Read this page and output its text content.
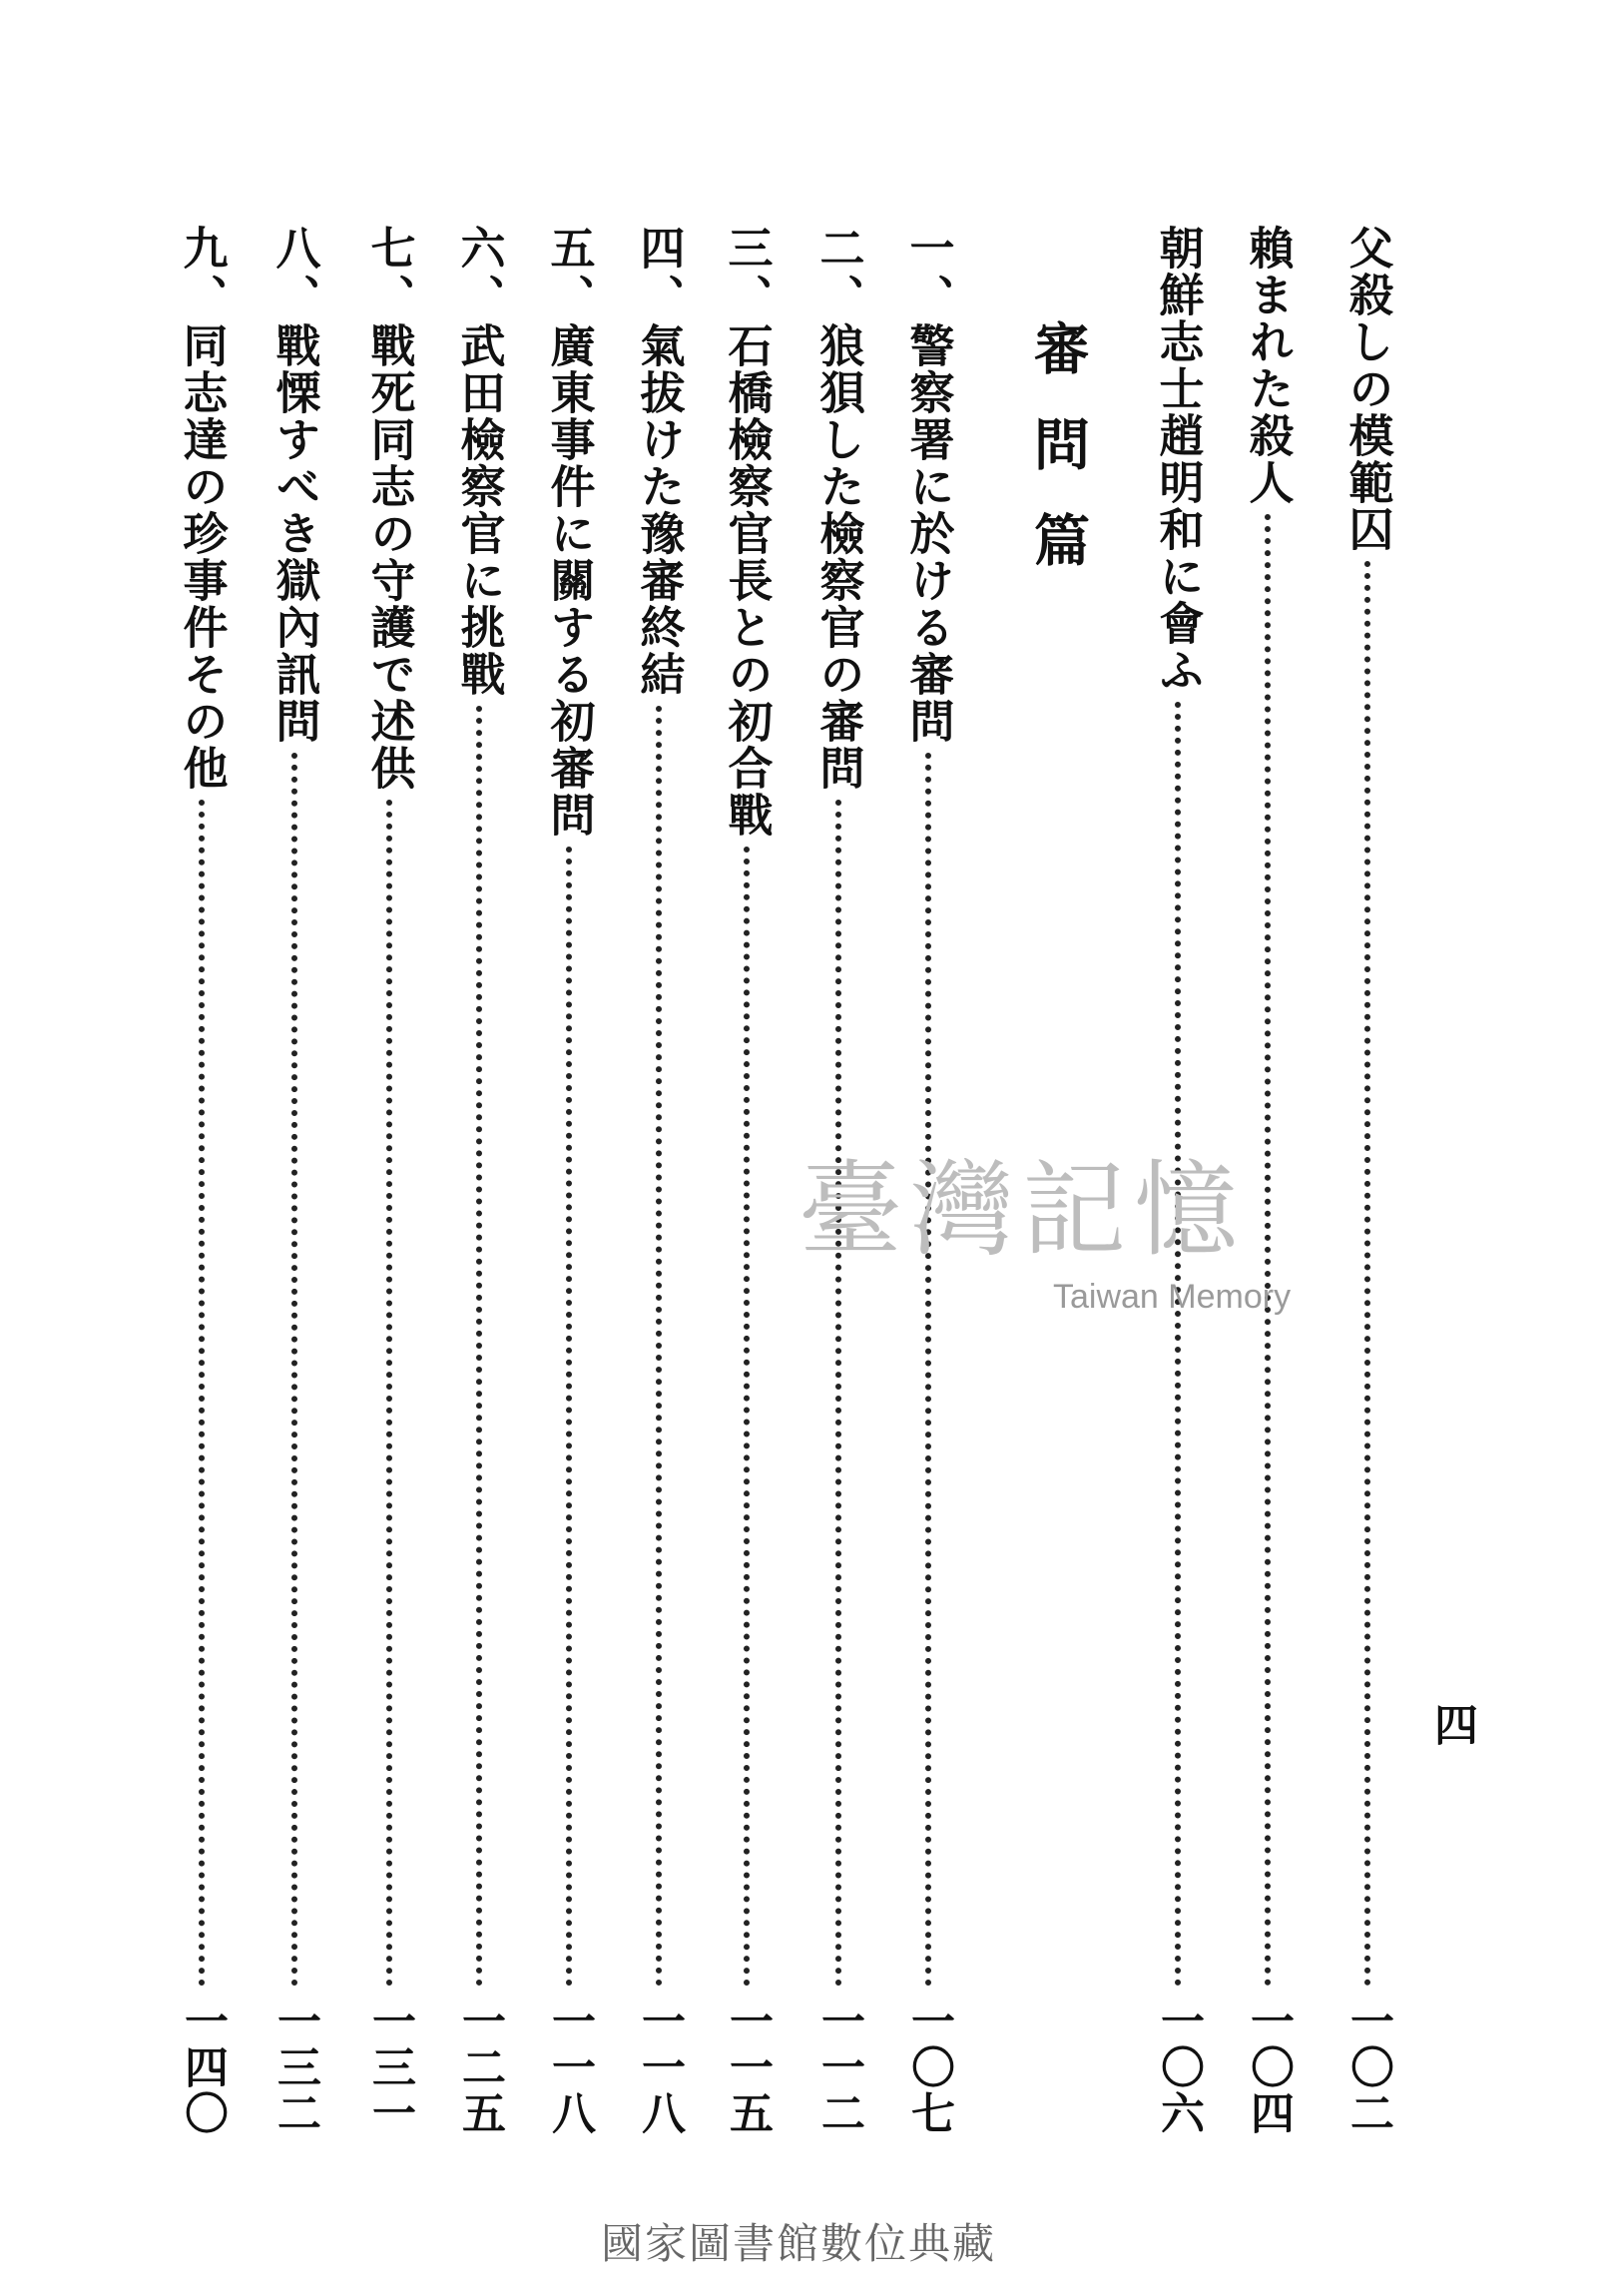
父殺しの模範囚
一〇二
賴まれた殺人
一〇四
朝鮮志士趙明和に會ふ
一〇六
審問篇
一、
警察署に於ける審問
一〇七
二、
狼狽した檢察官の審問
一一二
三、
石橋檢察官長との初合戰
一一五
四、
氣拔けた豫審終結
一一八
五、
廣東事件に關する初審問
一一八
六、
武田檢察官に挑戰
一二五
七、
戰死同志の守護で述供
一三一
八、
戰慄すべき獄內訊問
一三二
九、
同志達の珍事件その他
一四〇
四
臺灣記憶
Taiwan Memory
國家圖書館數位典藏
